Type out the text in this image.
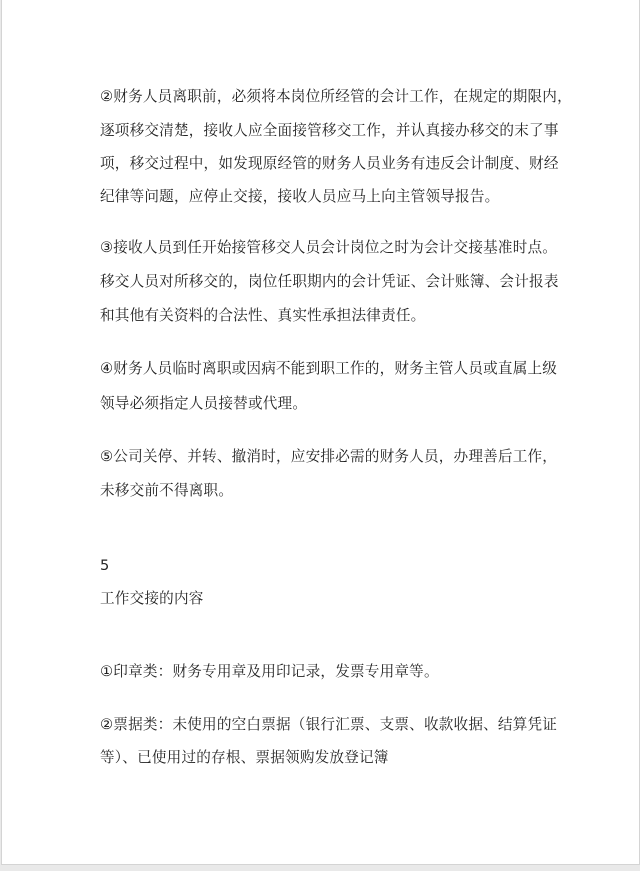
②财务人员离职前，必须将本岗位所经管的会计工作，在规定的期限内，
逐项移交清楚，接收人应全面接管移交工作，并认真接办移交的末了事
项，移交过程中，如发现原经管的财务人员业务有违反会计制度、财经
纪律等问题，应停止交接，接收人员应马上向主管领导报告。
③接收人员到任开始接管移交人员会计岗位之时为会计交接基准时点。
移交人员对所移交的，岗位任职期内的会计凭证、会计账簿、会计报表
和其他有关资料的合法性、真实性承担法律责任。
④财务人员临时离职或因病不能到职工作的，财务主管人员或直属上级
领导必须指定人员接替或代理。
⑤公司关停、并转、撤消时，应安排必需的财务人员，办理善后工作，
未移交前不得离职。
5
工作交接的内容
①印章类：财务专用章及用印记录，发票专用章等。
②票据类：未使用的空白票据（银行汇票、支票、收款收据、结算凭证
等）、已使用过的存根、票据领购发放登记簿
